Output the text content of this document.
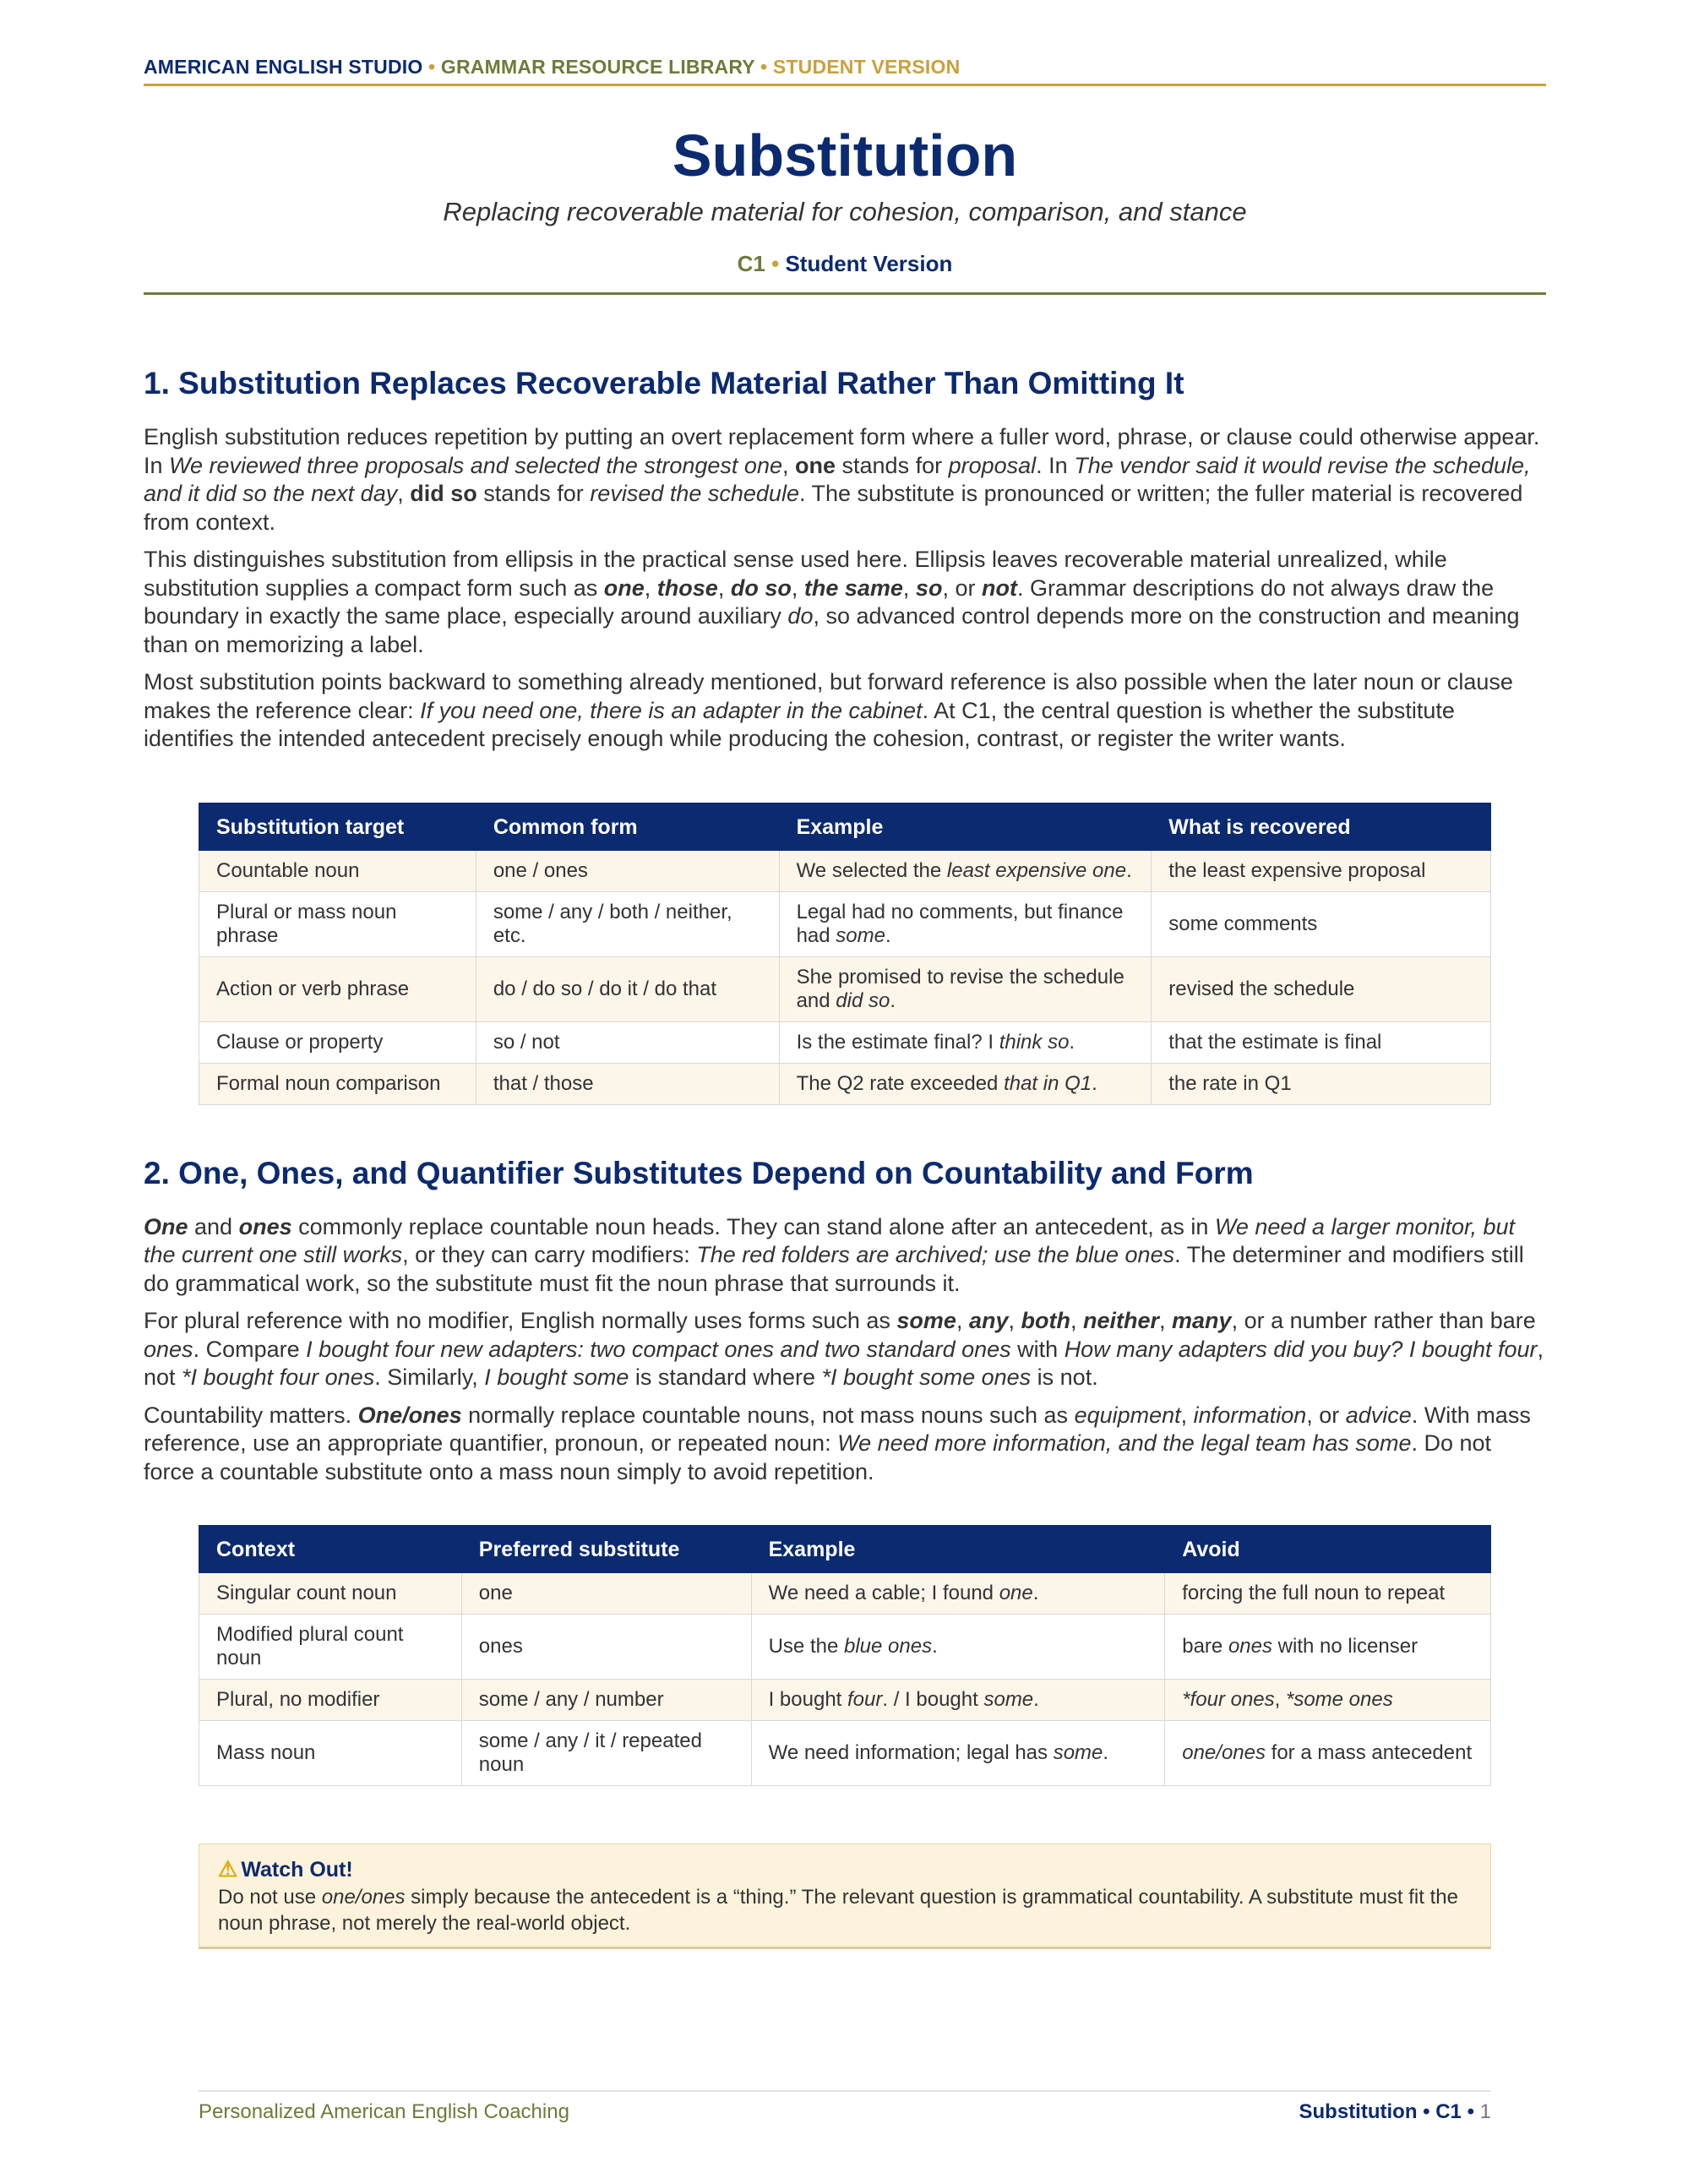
AMERICAN ENGLISH STUDIO • GRAMMAR RESOURCE LIBRARY • STUDENT VERSION
Substitution
Replacing recoverable material for cohesion, comparison, and stance
C1 • Student Version
1. Substitution Replaces Recoverable Material Rather Than Omitting It

English substitution reduces repetition by putting an overt replacement form where a fuller word, phrase, or clause could otherwise appear. In We reviewed three proposals and selected the strongest one, one stands for proposal. In The vendor said it would revise the schedule, and it did so the next day, did so stands for revised the schedule. The substitute is pronounced or written; the fuller material is recovered from context.

This distinguishes substitution from ellipsis in the practical sense used here. Ellipsis leaves recoverable material unrealized, while substitution supplies a compact form such as one, those, do so, the same, so, or not. Grammar descriptions do not always draw the boundary in exactly the same place, especially around auxiliary do, so advanced control depends more on the construction and meaning than on memorizing a label.

Most substitution points backward to something already mentioned, but forward reference is also possible when the later noun or clause makes the reference clear: If you need one, there is an adapter in the cabinet. At C1, the central question is whether the substitute identifies the intended antecedent precisely enough while producing the cohesion, contrast, or register the writer wants.

Substitution target	Common form	Example	What is recovered
Countable noun	one / ones	We selected the least expensive one.	the least expensive proposal
Plural or mass noun phrase	some / any / both / neither, etc.	Legal had no comments, but finance had some.	some comments
Action or verb phrase	do / do so / do it / do that	She promised to revise the schedule and did so.	revised the schedule
Clause or property	so / not	Is the estimate final? I think so.	that the estimate is final
Formal noun comparison	that / those	The Q2 rate exceeded that in Q1.	the rate in Q1
2. One, Ones, and Quantifier Substitutes Depend on Countability and Form

One and ones commonly replace countable noun heads. They can stand alone after an antecedent, as in We need a larger monitor, but the current one still works, or they can carry modifiers: The red folders are archived; use the blue ones. The determiner and modifiers still do grammatical work, so the substitute must fit the noun phrase that surrounds it.

For plural reference with no modifier, English normally uses forms such as some, any, both, neither, many, or a number rather than bare ones. Compare I bought four new adapters: two compact ones and two standard ones with How many adapters did you buy? I bought four, not *I bought four ones. Similarly, I bought some is standard where *I bought some ones is not.

Countability matters. One/ones normally replace countable nouns, not mass nouns such as equipment, information, or advice. With mass reference, use an appropriate quantifier, pronoun, or repeated noun: We need more information, and the legal team has some. Do not force a countable substitute onto a mass noun simply to avoid repetition.

Context	Preferred substitute	Example	Avoid
Singular count noun	one	We need a cable; I found one.	forcing the full noun to repeat
Modified plural count noun	ones	Use the blue ones.	bare ones with no licenser
Plural, no modifier	some / any / number	I bought four. / I bought some.	*four ones, *some ones
Mass noun	some / any / it / repeated noun	We need information; legal has some.	one/ones for a mass antecedent
⚠ Watch Out!
Do not use one/ones simply because the antecedent is a “thing.” The relevant question is grammatical countability. A substitute must fit the noun phrase, not merely the real-world object.
Personalized American English Coaching	Substitution • C1 • 1
